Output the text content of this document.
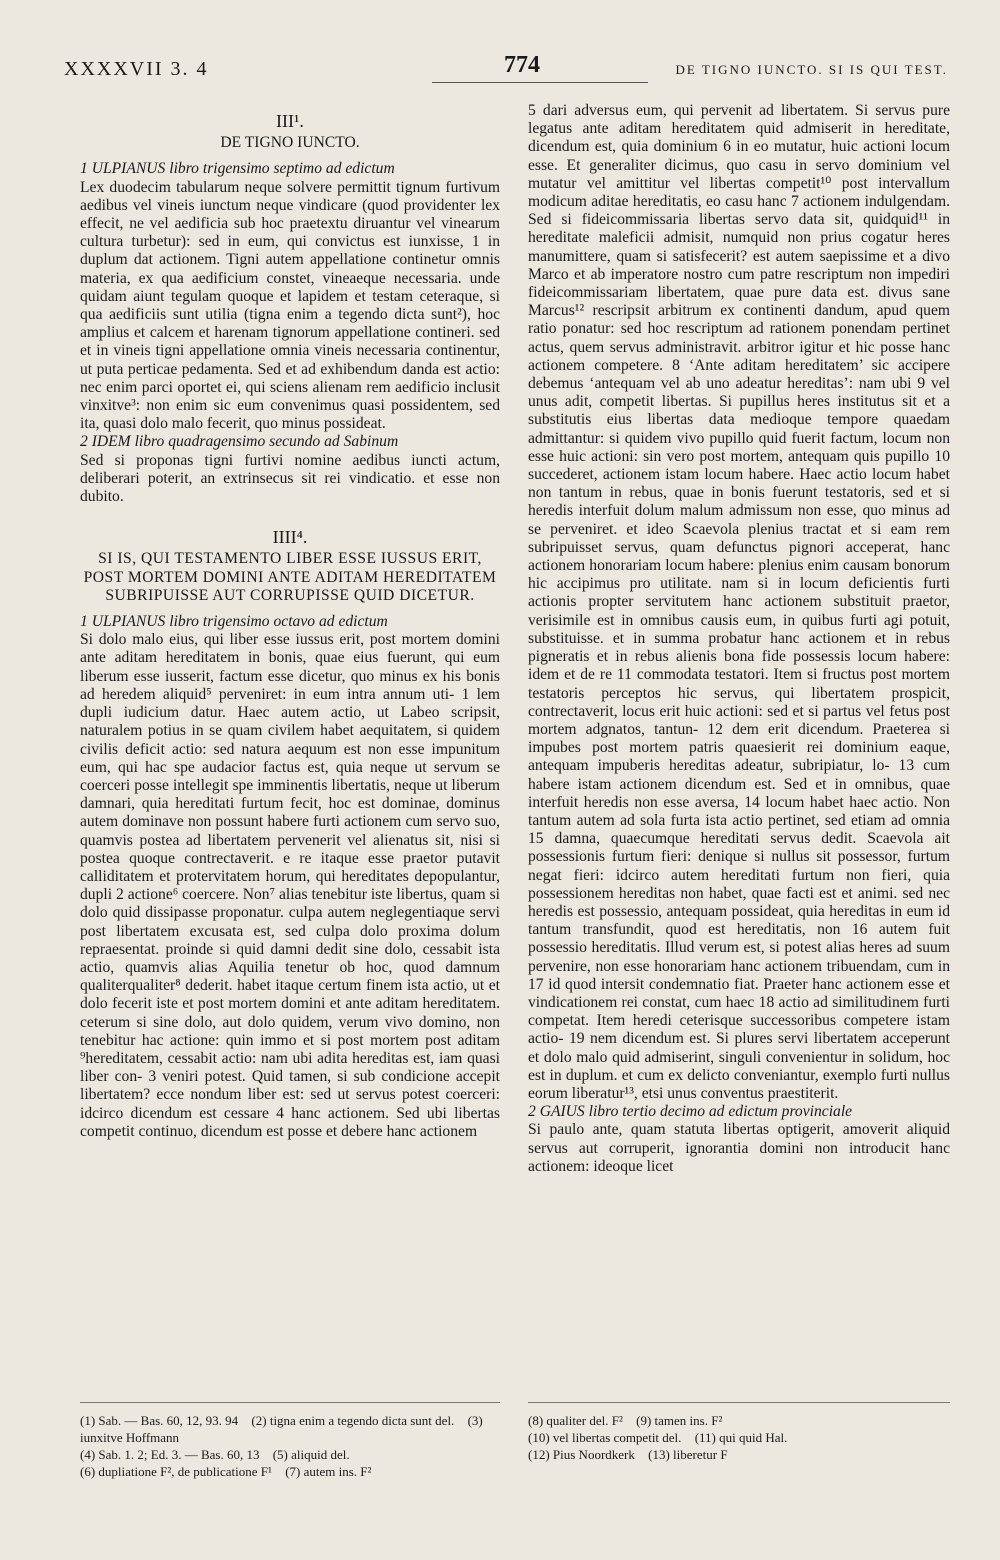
XXXXVII 3. 4	774	DE TIGNO IUNCTO. SI IS QUI TEST.

III¹.

DE TIGNO IUNCTO.

1 ULPIANUS libro trigensimo septimo ad edictum

Lex duodecim tabularum neque solvere permittit tignum furtivum aedibus vel vineis iunctum neque vindicare (quod providenter lex effecit, ne vel aedificia sub hoc praetextu diruantur vel vinearum cultura turbetur): sed in eum, qui convictus est iunxisse, 1 in duplum dat actionem. Tigni autem appellatione continetur omnis materia, ex qua aedificium constet, vineaeque necessaria. unde quidam aiunt tegulam quoque et lapidem et testam ceteraque, si qua aedificiis sunt utilia (tigna enim a tegendo dicta sunt²), hoc amplius et calcem et harenam tignorum appellatione contineri. sed et in vineis tigni appellatione omnia vineis necessaria continentur, ut puta perticae pedamenta. Sed et ad exhibendum danda est actio: nec enim parci oportet ei, qui sciens alienam rem aedificio inclusit vinxitve³: non enim sic eum convenimus quasi possidentem, sed ita, quasi dolo malo fecerit, quo minus possideat.

2 IDEM libro quadragensimo secundo ad Sabinum

Sed si proponas tigni furtivi nomine aedibus iuncti actum, deliberari poterit, an extrinsecus sit rei vindicatio. et esse non dubito.

IIII⁴.

SI IS, QUI TESTAMENTO LIBER ESSE IUSSUS ERIT, POST MORTEM DOMINI ANTE ADITAM HEREDITATEM SUBRIPUISSE AUT CORRUPISSE QUID DICETUR.

1 ULPIANUS libro trigensimo octavo ad edictum

Si dolo malo eius, qui liber esse iussus erit, post mortem domini ante aditam hereditatem in bonis, quae eius fuerunt, qui eum liberum esse iusserit, factum esse dicetur, quo minus ex his bonis ad heredem aliquid⁵ perveniret: in eum intra annum uti- 1 lem dupli iudicium datur. Haec autem actio, ut Labeo scripsit, naturalem potius in se quam civilem habet aequitatem, si quidem civilis deficit actio: sed natura aequum est non esse impunitum eum, qui hac spe audacior factus est, quia neque ut servum se coerceri posse intellegit spe imminentis libertatis, neque ut liberum damnari, quia hereditati furtum fecit, hoc est dominae, dominus autem dominave non possunt habere furti actionem cum servo suo, quamvis postea ad libertatem pervenerit vel alienatus sit, nisi si postea quoque contrectaverit. e re itaque esse praetor putavit calliditatem et protervitatem horum, qui hereditates depopulantur, dupli 2 actione⁶ coercere. Non⁷ alias tenebitur iste libertus, quam si dolo quid dissipasse proponatur. culpa autem neglegentiaque servi post libertatem excusata est, sed culpa dolo proxima dolum repraesentat. proinde si quid damni dedit sine dolo, cessabit ista actio, quamvis alias Aquilia tenetur ob hoc, quod damnum qualiterqualiter⁸ dederit. habet itaque certum finem ista actio, ut et dolo fecerit iste et post mortem domini et ante aditam hereditatem. ceterum si sine dolo, aut dolo quidem, verum vivo domino, non tenebitur hac actione: quin immo et si post mortem post aditam ⁹hereditatem, cessabit actio: nam ubi adita hereditas est, iam quasi liber con- 3 veniri potest. Quid tamen, si sub condicione accepit libertatem? ecce nondum liber est: sed ut servus potest coerceri: idcirco dicendum est cessare 4 hanc actionem. Sed ubi libertas competit continuo, dicendum est posse et debere hanc actionem

5 dari adversus eum, qui pervenit ad libertatem. Si servus pure legatus ante aditam hereditatem quid admiserit in hereditate, dicendum est, quia dominium 6 in eo mutatur, huic actioni locum esse. Et generaliter dicimus, quo casu in servo dominium vel mutatur vel amittitur vel libertas competit¹⁰ post intervallum modicum aditae hereditatis, eo casu hanc 7 actionem indulgendam. Sed si fideicommissaria libertas servo data sit, quidquid¹¹ in hereditate maleficii admisit, numquid non prius cogatur heres manumittere, quam si satisfecerit? est autem saepissime et a divo Marco et ab imperatore nostro cum patre rescriptum non impediri fideicommissariam libertatem, quae pure data est. divus sane Marcus¹² rescripsit arbitrum ex continenti dandum, apud quem ratio ponatur: sed hoc rescriptum ad rationem ponendam pertinet actus, quem servus administravit. arbitror igitur et hic posse hanc actionem competere. 8 ‘Ante aditam hereditatem’ sic accipere debemus ‘antequam vel ab uno adeatur hereditas’: nam ubi 9 vel unus adit, competit libertas. Si pupillus heres institutus sit et a substitutis eius libertas data medioque tempore quaedam admittantur: si quidem vivo pupillo quid fuerit factum, locum non esse huic actioni: sin vero post mortem, antequam quis pupillo 10 succederet, actionem istam locum habere. Haec actio locum habet non tantum in rebus, quae in bonis fuerunt testatoris, sed et si heredis interfuit dolum malum admissum non esse, quo minus ad se perveniret. et ideo Scaevola plenius tractat et si eam rem subripuisset servus, quam defunctus pignori acceperat, hanc actionem honorariam locum habere: plenius enim causam bonorum hic accipimus pro utilitate. nam si in locum deficientis furti actionis propter servitutem hanc actionem substituit praetor, verisimile est in omnibus causis eum, in quibus furti agi potuit, substituisse. et in summa probatur hanc actionem et in rebus pigneratis et in rebus alienis bona fide possessis locum habere: idem et de re 11 commodata testatori. Item si fructus post mortem testatoris perceptos hic servus, qui libertatem prospicit, contrectaverit, locus erit huic actioni: sed et si partus vel fetus post mortem adgnatos, tantun- 12 dem erit dicendum. Praeterea si impubes post mortem patris quaesierit rei dominium eaque, antequam impuberis hereditas adeatur, subripiatur, lo- 13 cum habere istam actionem dicendum est. Sed et in omnibus, quae interfuit heredis non esse aversa, 14 locum habet haec actio. Non tantum autem ad sola furta ista actio pertinet, sed etiam ad omnia 15 damna, quaecumque hereditati servus dedit. Scaevola ait possessionis furtum fieri: denique si nullus sit possessor, furtum negat fieri: idcirco autem hereditati furtum non fieri, quia possessionem hereditas non habet, quae facti est et animi. sed nec heredis est possessio, antequam possideat, quia hereditas in eum id tantum transfundit, quod est hereditatis, non 16 autem fuit possessio hereditatis. Illud verum est, si potest alias heres ad suum pervenire, non esse honorariam hanc actionem tribuendam, cum in 17 id quod intersit condemnatio fiat. Praeter hanc actionem esse et vindicationem rei constat, cum haec 18 actio ad similitudinem furti competat. Item heredi ceterisque successoribus competere istam actio- 19 nem dicendum est. Si plures servi libertatem acceperunt et dolo malo quid admiserint, singuli convenientur in solidum, hoc est in duplum. et cum ex delicto conveniantur, exemplo furti nullus eorum liberatur¹³, etsi unus conventus praestiterit.

2 GAIUS libro tertio decimo ad edictum provinciale

Si paulo ante, quam statuta libertas optigerit, amoverit aliquid servus aut corruperit, ignorantia domini non introducit hanc actionem: ideoque licet

(1) Sab. — Bas. 60, 12, 93. 94 (2) tigna enim a tegendo dicta sunt del. (3) iunxitve Hoffmann
(4) Sab. 1. 2; Ed. 3. — Bas. 60, 13 (5) aliquid del.
(6) dupliatione F², de publicatione F¹ (7) autem ins. F²
(8) qualiter del. F² (9) tamen ins. F²
(10) vel libertas competit del. (11) qui quid Hal.
(12) Pius Noordkerk (13) liberetur F
